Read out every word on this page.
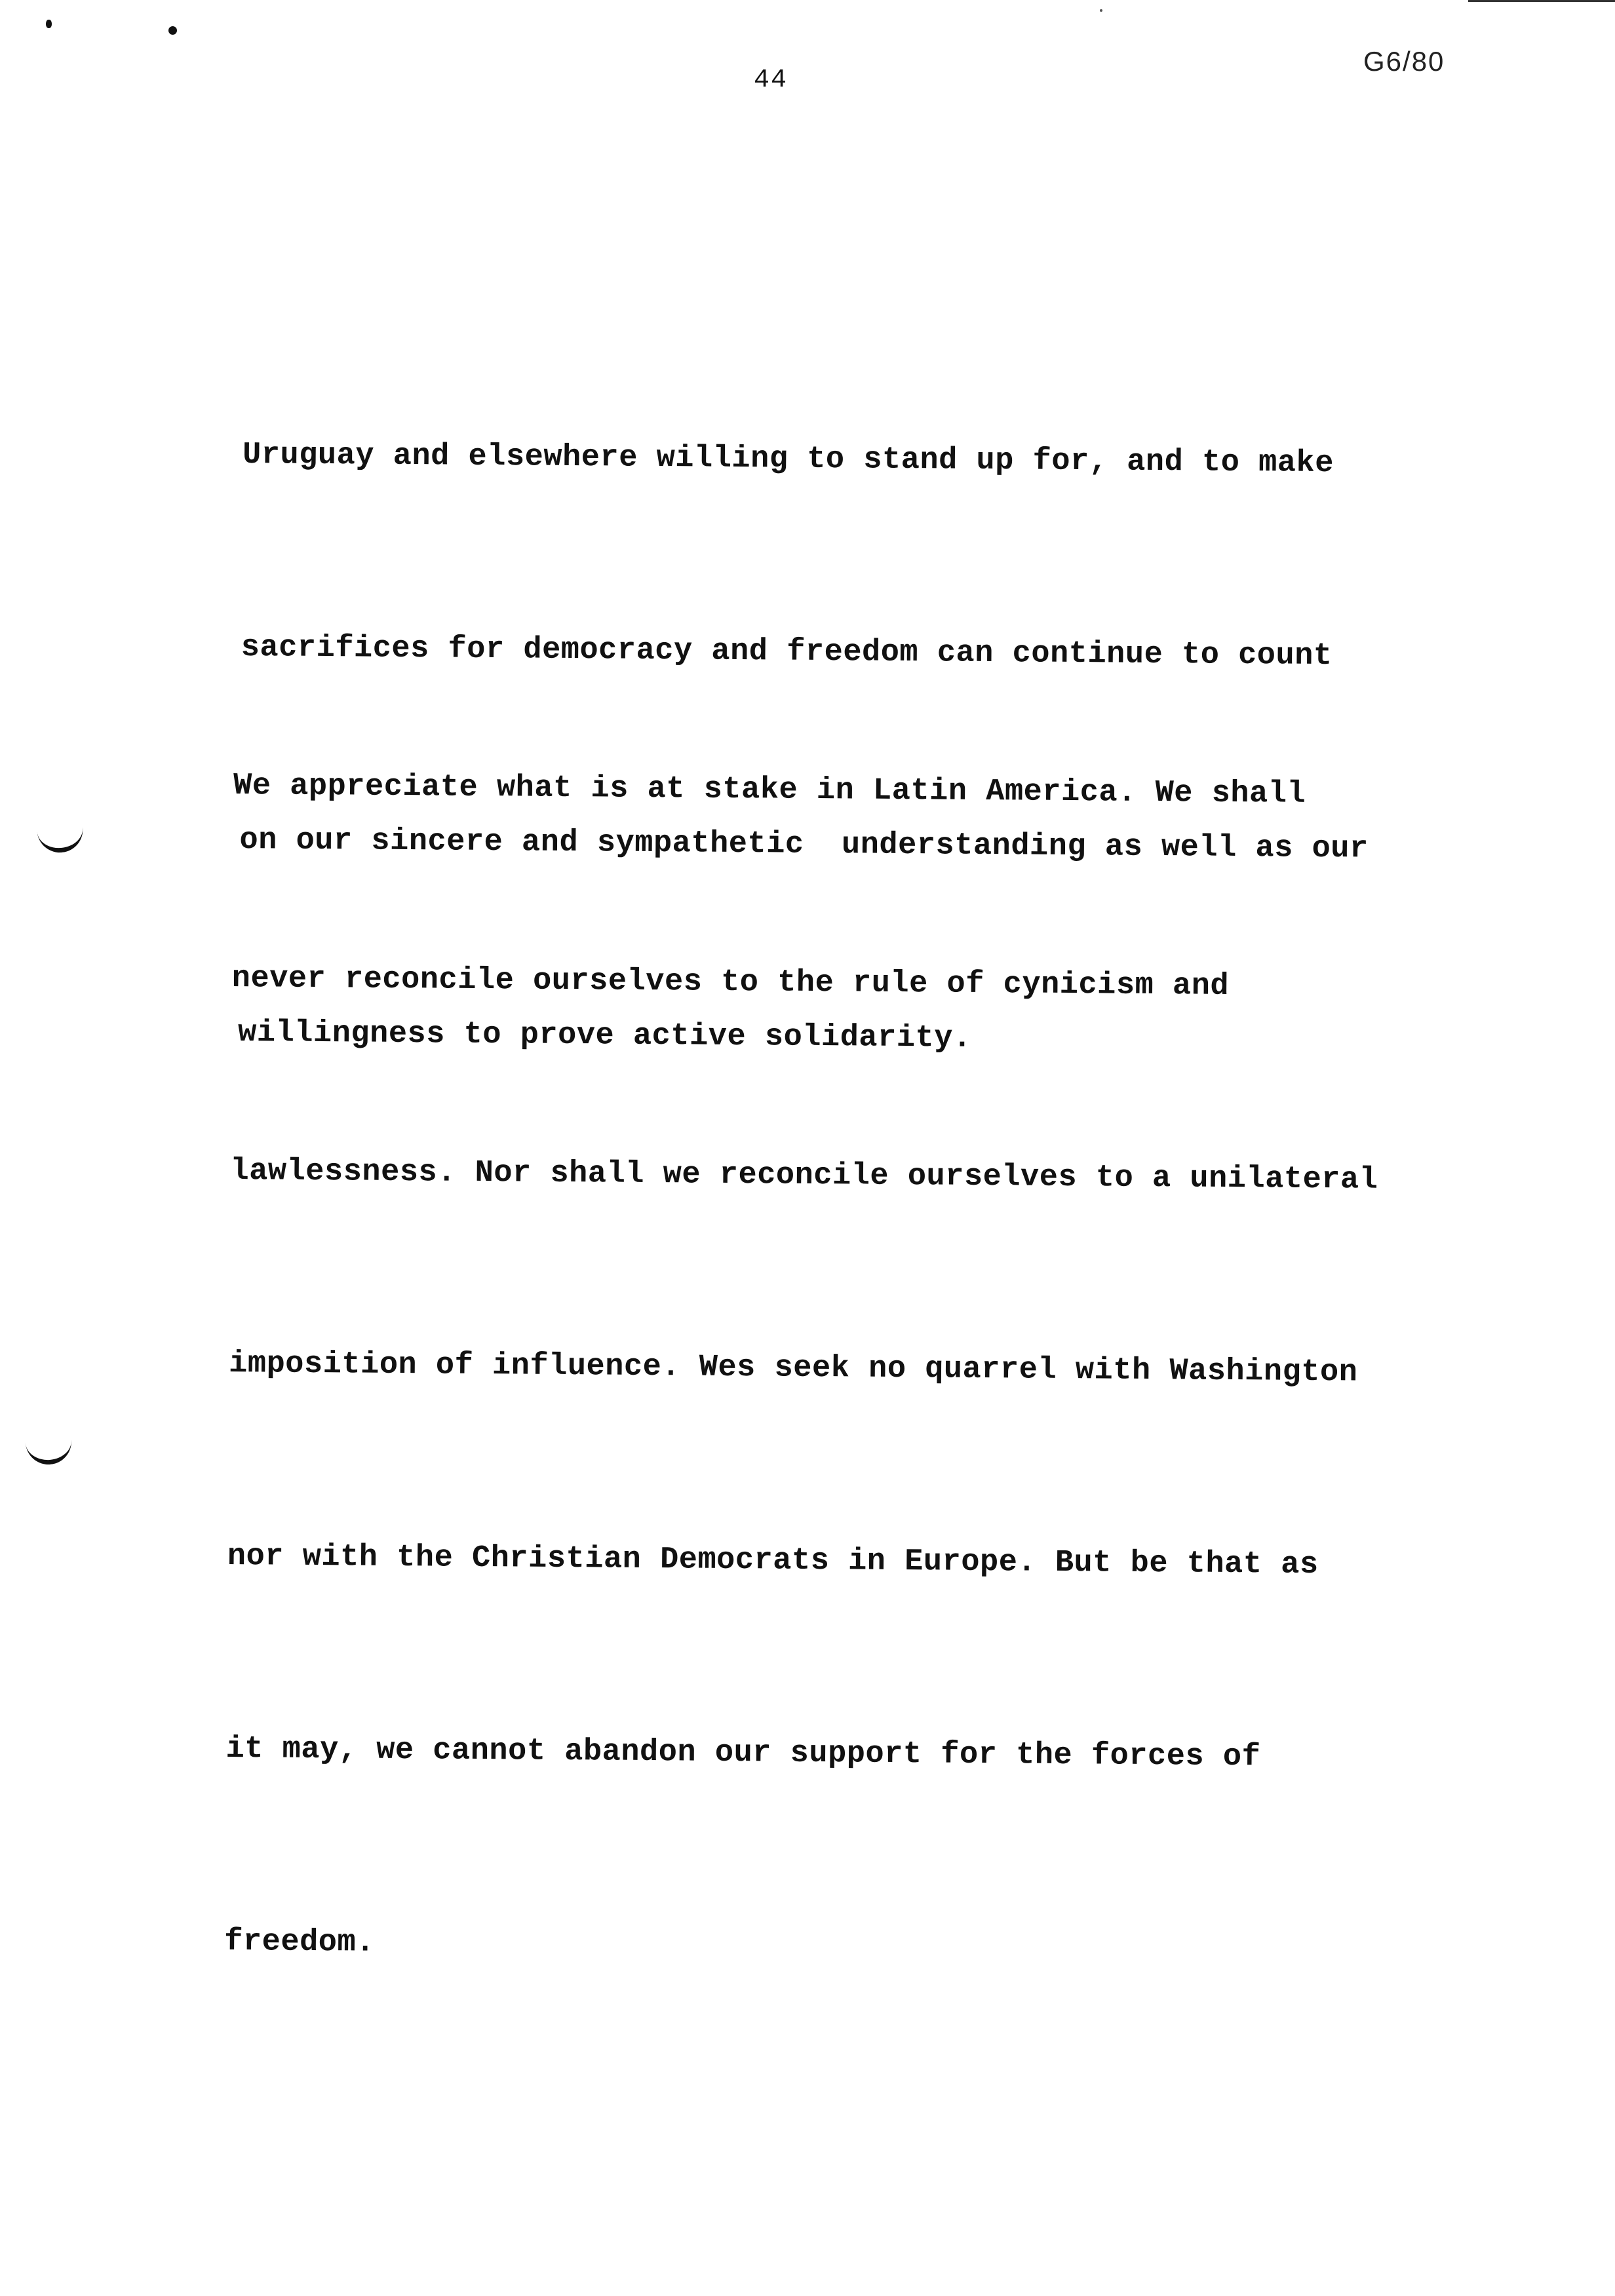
44
G6/80

Uruguay and elsewhere willing to stand up for, and to make

sacrifices for democracy and freedom can continue to count

on our sincere and sympathetic  understanding as well as our

willingness to prove active solidarity.

We appreciate what is at stake in Latin America. We shall

never reconcile ourselves to the rule of cynicism and

lawlessness. Nor shall we reconcile ourselves to a unilateral

imposition of influence. Wes seek no quarrel with Washington

nor with the Christian Democrats in Europe. But be that as

it may, we cannot abandon our support for the forces of

freedom.
